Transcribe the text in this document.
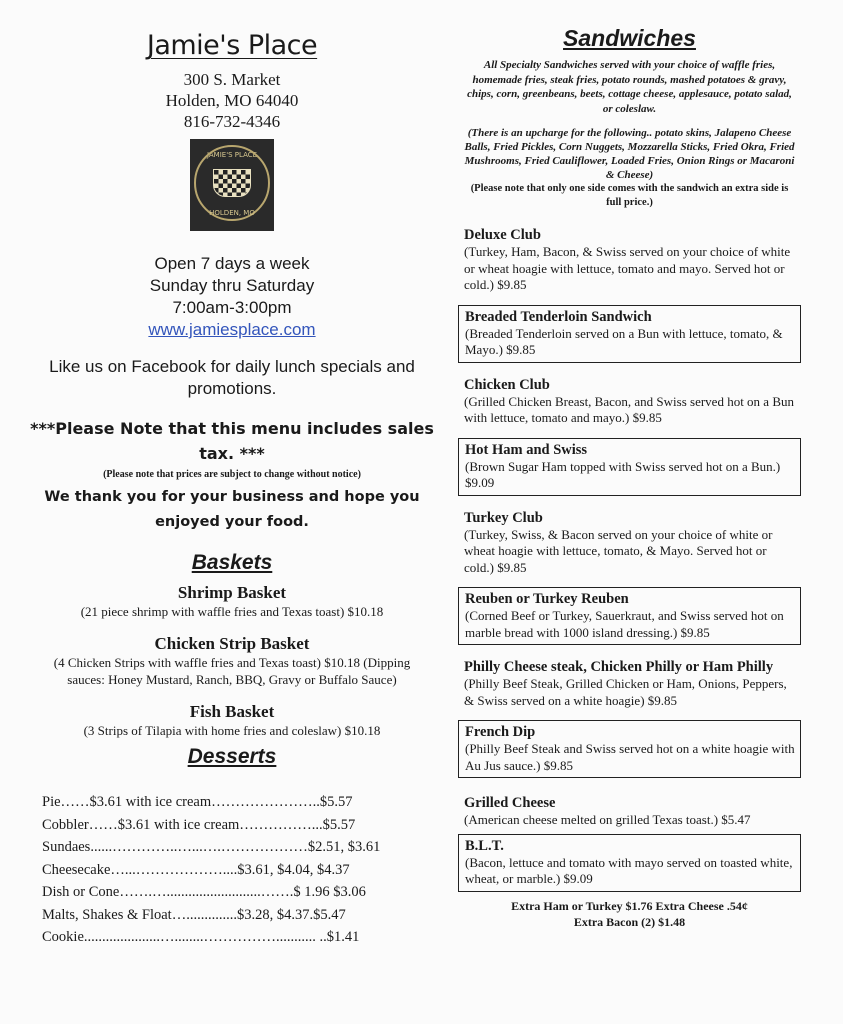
Jamie's Place
300 S. Market
Holden, MO 64040
816-732-4346
JAMIE'S PLACE
HOLDEN, MO
Open 7 days a week
Sunday thru Saturday
7:00am-3:00pm
www.jamiesplace.com
Like us on Facebook for daily lunch specials and promotions.
***Please Note that this menu includes sales tax. ***
(Please note that prices are subject to change without notice)
We thank you for your business and hope you enjoyed your food.
Baskets
Shrimp Basket
(21 piece shrimp with waffle fries and Texas toast) $10.18
Chicken Strip Basket
(4 Chicken Strips with waffle fries and Texas toast) $10.18 (Dipping sauces: Honey Mustard, Ranch, BBQ, Gravy or Buffalo Sauce)
Fish Basket
(3 Strips of Tilapia with home fries and coleslaw) $10.18
Desserts
Pie……$3.61 with ice cream…………………..$5.57
Cobbler……$3.61 with ice cream……………...$5.57
Sundaes......…………..…...….………………$2.51, $3.61
Cheesecake…...………………....$3.61, $4.04, $4.37
Dish or Cone…….…..........................…….$ 1.96 $3.06
Malts, Shakes & Float…..............$3.28, $4.37.$5.47
Cookie.....................…........……………........... ..$1.41
Sandwiches
All Specialty Sandwiches served with your choice of waffle fries, homemade fries, steak fries, potato rounds, mashed potatoes & gravy, chips, corn, greenbeans, beets, cottage cheese, applesauce, potato salad, or coleslaw.
(There is an upcharge for the following.. potato skins, Jalapeno Cheese Balls, Fried Pickles, Corn Nuggets, Mozzarella Sticks, Fried Okra, Fried Mushrooms, Fried Cauliflower, Loaded Fries, Onion Rings or Macaroni & Cheese)
(Please note that only one side comes with the sandwich an extra side is full price.)
Deluxe Club
(Turkey, Ham, Bacon, & Swiss served on your choice of white or wheat hoagie with lettuce, tomato and mayo. Served hot or cold.) $9.85
Breaded Tenderloin Sandwich
(Breaded Tenderloin served on a Bun with lettuce, tomato, & Mayo.) $9.85
Chicken Club
(Grilled Chicken Breast, Bacon, and Swiss served hot on a Bun with lettuce, tomato and mayo.) $9.85
Hot Ham and Swiss
(Brown Sugar Ham topped with Swiss served hot on a Bun.) $9.09
Turkey Club
(Turkey, Swiss, & Bacon served on your choice of white or wheat hoagie with lettuce, tomato, & Mayo. Served hot or cold.) $9.85
Reuben or Turkey Reuben
(Corned Beef or Turkey, Sauerkraut, and Swiss served hot on marble bread with 1000 island dressing.) $9.85
Philly Cheese steak, Chicken Philly or Ham Philly
(Philly Beef Steak, Grilled Chicken or Ham, Onions, Peppers, & Swiss served on a white hoagie) $9.85
French Dip
(Philly Beef Steak and Swiss served hot on a white hoagie with Au Jus sauce.) $9.85
Grilled Cheese
(American cheese melted on grilled Texas toast.) $5.47
B.L.T.
(Bacon, lettuce and tomato with mayo served on toasted white, wheat, or marble.) $9.09
Extra Ham or Turkey $1.76 Extra Cheese .54¢
Extra Bacon (2) $1.48
